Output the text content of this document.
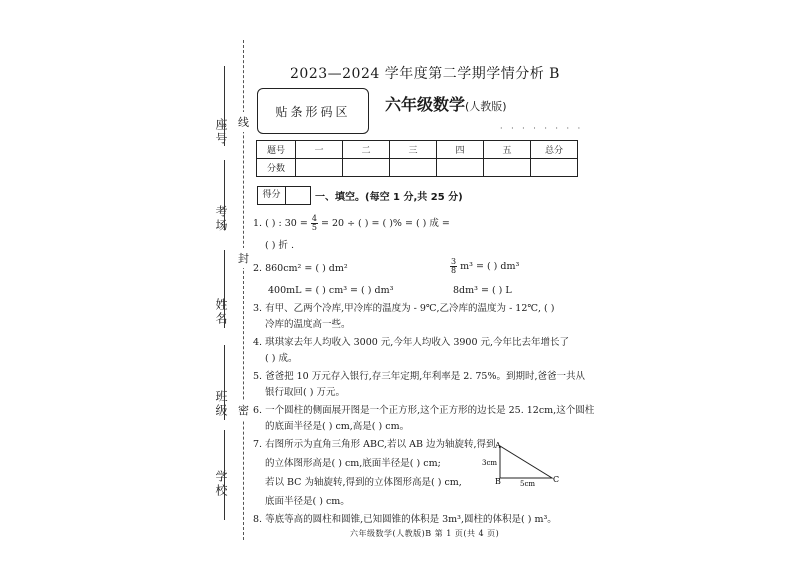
座号
考场
姓名
班级
学校
线
封
密
2023—2024 学年度第二学期学情分析 B
贴条形码区 六年级数学(人教版)
· · · · · · · ·
题号	一	二	三	四	五	总分
分数						
得分	一、填空。(每空 1 分,共 25 分)
1. ( ) : $30 = \frac{4}{5} = 20$ ÷ ( ) = ( )% = ( ) 成 =
( ) 折 .
2. 860cm² = ( ) dm²	$\frac{3}{8} m^3$ = ( ) dm³
400mL = ( ) cm³ = ( ) dm³	8dm³ = ( ) L
3. 有甲、乙两个冷库,甲冷库的温度为 - 9℃,乙冷库的温度为 - 12℃, ( )
冷库的温度高一些。
4. 琪琪家去年人均收入 3000 元,今年人均收入 3900 元,今年比去年增长了
( ) 成。
5. 爸爸把 10 万元存入银行,存三年定期,年利率是 2. 75%。到期时,爸爸一共从
银行取回( ) 万元。
6. 一个圆柱的侧面展开图是一个正方形,这个正方形的边长是 25. 12cm,这个圆柱
的底面半径是( ) cm,高是( ) cm。
7. 右图所示为直角三角形 ABC,若以 AB 边为轴旋转,得到
的立体图形高是( ) cm,底面半径是( ) cm;
若以 BC 为轴旋转,得到的立体图形高是( ) cm,
底面半径是( ) cm。
8. 等底等高的圆柱和圆锥,已知圆锥的体积是 3m³,圆柱的体积是( ) m³。
A
B	C
3cm
5cm
六年级数学(人教版)B 第 1 页(共 4 页)
